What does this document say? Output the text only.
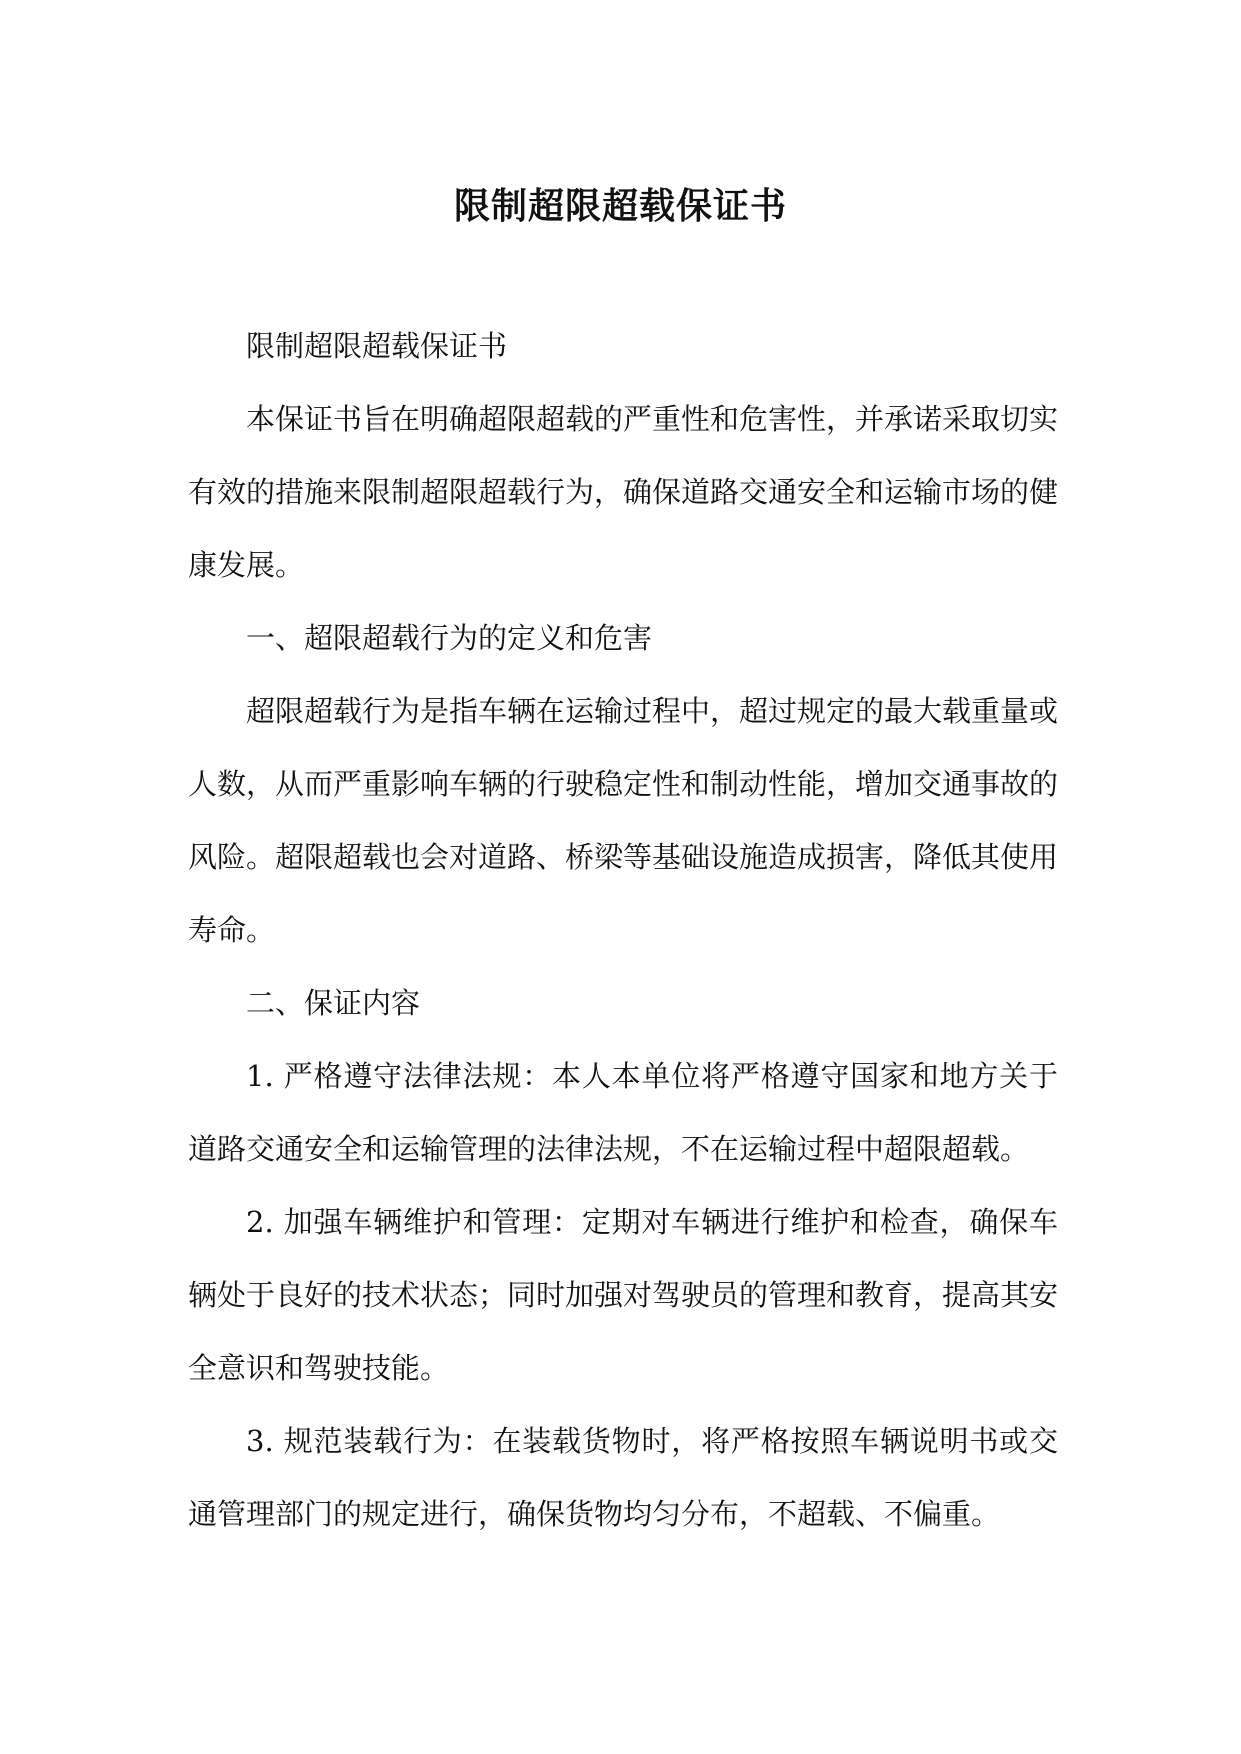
限制超限超载保证书

限制超限超载保证书

本保证书旨在明确超限超载的严重性和危害性，并承诺采取切实有效的措施来限制超限超载行为，确保道路交通安全和运输市场的健康发展。

一、超限超载行为的定义和危害

超限超载行为是指车辆在运输过程中，超过规定的最大载重量或人数，从而严重影响车辆的行驶稳定性和制动性能，增加交通事故的风险。超限超载也会对道路、桥梁等基础设施造成损害，降低其使用寿命。

二、保证内容

1. 严格遵守法律法规：本人本单位将严格遵守国家和地方关于道路交通安全和运输管理的法律法规，不在运输过程中超限超载。

2. 加强车辆维护和管理：定期对车辆进行维护和检查，确保车辆处于良好的技术状态；同时加强对驾驶员的管理和教育，提高其安全意识和驾驶技能。

3. 规范装载行为：在装载货物时，将严格按照车辆说明书或交通管理部门的规定进行，确保货物均匀分布，不超载、不偏重。
